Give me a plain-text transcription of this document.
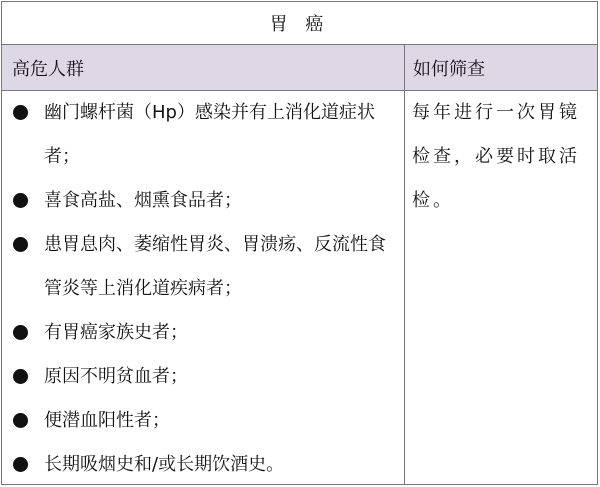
胃 癌
高危人群	如何筛查
幽门螺杆菌（Hp）感染并有上消化道症状者；
喜食高盐、烟熏食品者；
患胃息肉、萎缩性胃炎、胃溃疡、反流性食管炎等上消化道疾病者；
有胃癌家族史者；
原因不明贫血者；
便潜血阳性者；
长期吸烟史和/或长期饮酒史。
每年进行一次胃镜检查，必要时取活检。
